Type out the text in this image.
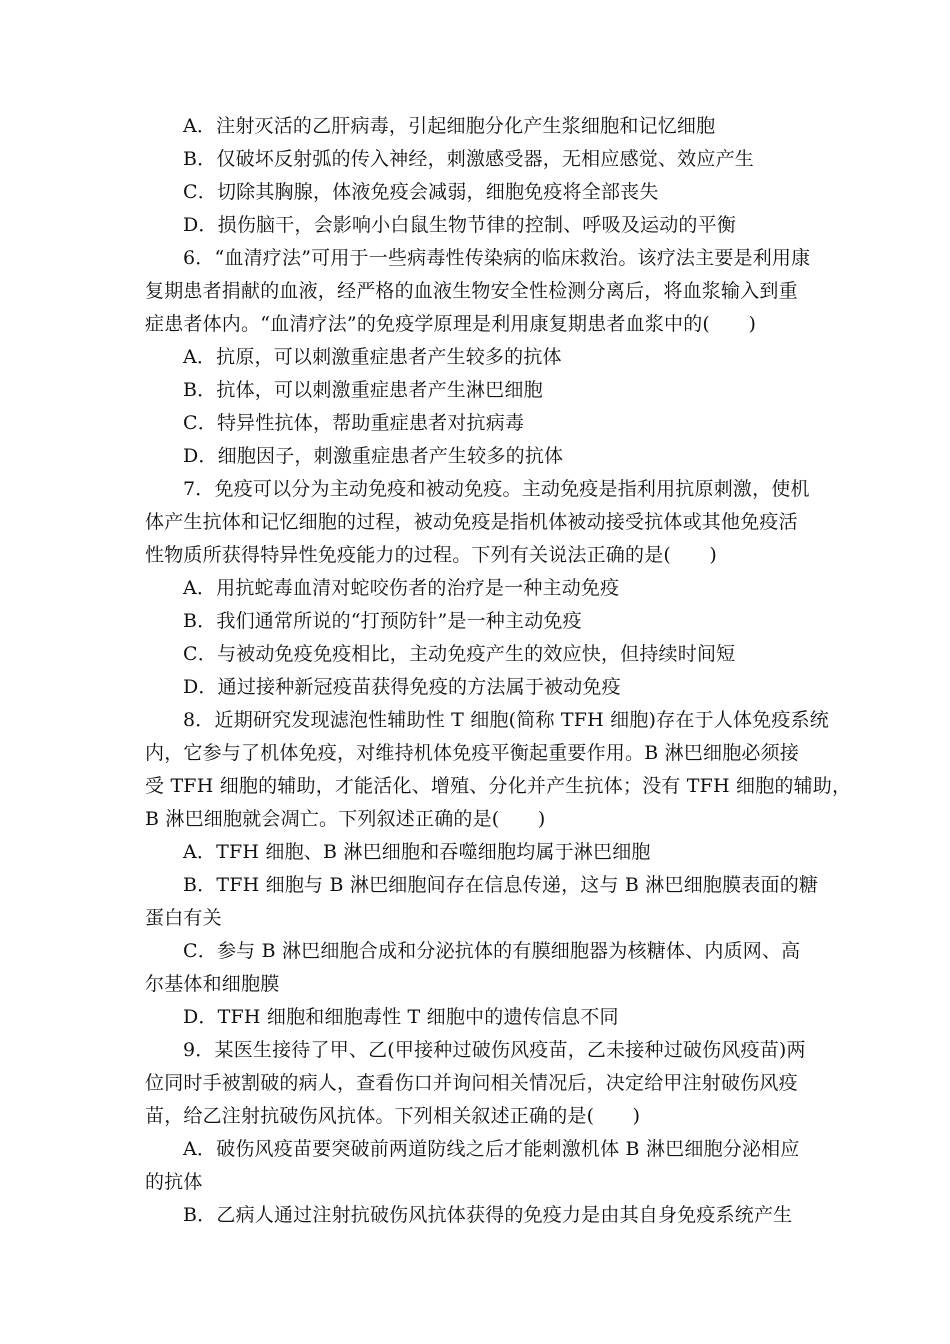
A．注射灭活的乙肝病毒，引起细胞分化产生浆细胞和记忆细胞
B．仅破坏反射弧的传入神经，刺激感受器，无相应感觉、效应产生
C．切除其胸腺，体液免疫会减弱，细胞免疫将全部丧失
D．损伤脑干，会影响小白鼠生物节律的控制、呼吸及运动的平衡
6．“血清疗法”可用于一些病毒性传染病的临床救治。该疗法主要是利用康
复期患者捐献的血液，经严格的血液生物安全性检测分离后，将血浆输入到重
症患者体内。“血清疗法”的免疫学原理是利用康复期患者血浆中的(　　)
A．抗原，可以刺激重症患者产生较多的抗体
B．抗体，可以刺激重症患者产生淋巴细胞
C．特异性抗体，帮助重症患者对抗病毒
D．细胞因子，刺激重症患者产生较多的抗体
7．免疫可以分为主动免疫和被动免疫。主动免疫是指利用抗原刺激，使机
体产生抗体和记忆细胞的过程，被动免疫是指机体被动接受抗体或其他免疫活
性物质所获得特异性免疫能力的过程。下列有关说法正确的是(　　)
A．用抗蛇毒血清对蛇咬伤者的治疗是一种主动免疫
B．我们通常所说的“打预防针”是一种主动免疫
C．与被动免疫免疫相比，主动免疫产生的效应快，但持续时间短
D．通过接种新冠疫苗获得免疫的方法属于被动免疫
8．近期研究发现滤泡性辅助性 T 细胞(简称 TFH 细胞)存在于人体免疫系统
内，它参与了机体免疫，对维持机体免疫平衡起重要作用。B 淋巴细胞必须接
受 TFH 细胞的辅助，才能活化、增殖、分化并产生抗体；没有 TFH 细胞的辅助，
B 淋巴细胞就会凋亡。下列叙述正确的是(　　)
A．TFH 细胞、B 淋巴细胞和吞噬细胞均属于淋巴细胞
B．TFH 细胞与 B 淋巴细胞间存在信息传递，这与 B 淋巴细胞膜表面的糖
蛋白有关
C．参与 B 淋巴细胞合成和分泌抗体的有膜细胞器为核糖体、内质网、高
尔基体和细胞膜
D．TFH 细胞和细胞毒性 T 细胞中的遗传信息不同
9．某医生接待了甲、乙(甲接种过破伤风疫苗，乙未接种过破伤风疫苗)两
位同时手被割破的病人，查看伤口并询问相关情况后，决定给甲注射破伤风疫
苗，给乙注射抗破伤风抗体。下列相关叙述正确的是(　　)
A．破伤风疫苗要突破前两道防线之后才能刺激机体 B 淋巴细胞分泌相应
的抗体
B．乙病人通过注射抗破伤风抗体获得的免疫力是由其自身免疫系统产生
